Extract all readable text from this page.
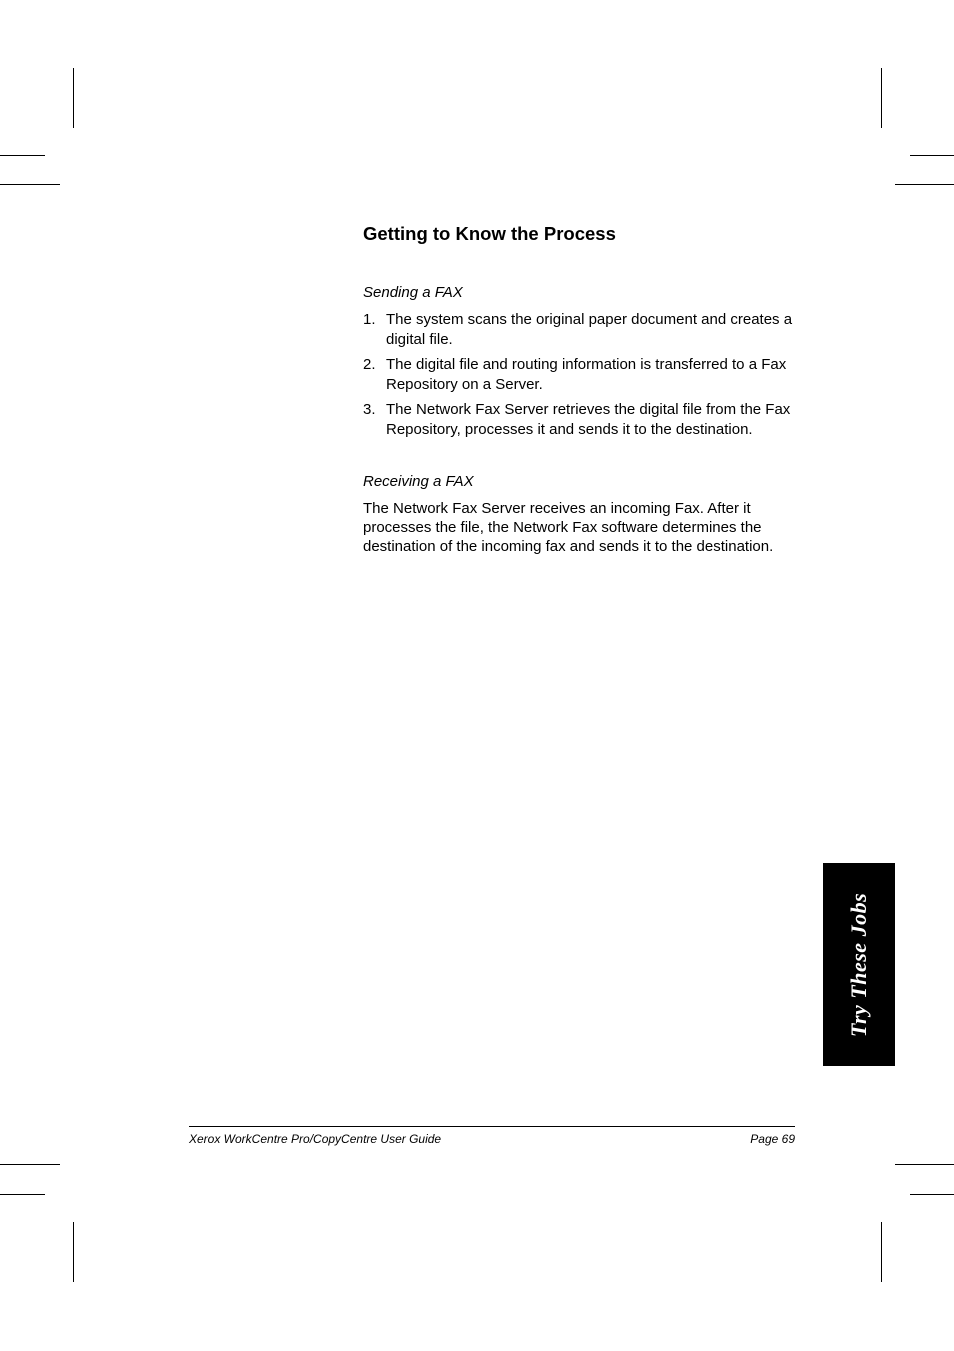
Getting to Know the Process

Sending a FAX

1. The system scans the original paper document and creates a digital file.
2. The digital file and routing information is transferred to a Fax Repository on a Server.
3. The Network Fax Server retrieves the digital file from the Fax Repository, processes it and sends it to the destination.

Receiving a FAX

The Network Fax Server receives an incoming Fax. After it processes the file, the Network Fax software determines the destination of the incoming fax and sends it to the destination.

Try These Jobs
Xerox WorkCentre Pro/CopyCentre User Guide	Page 69
